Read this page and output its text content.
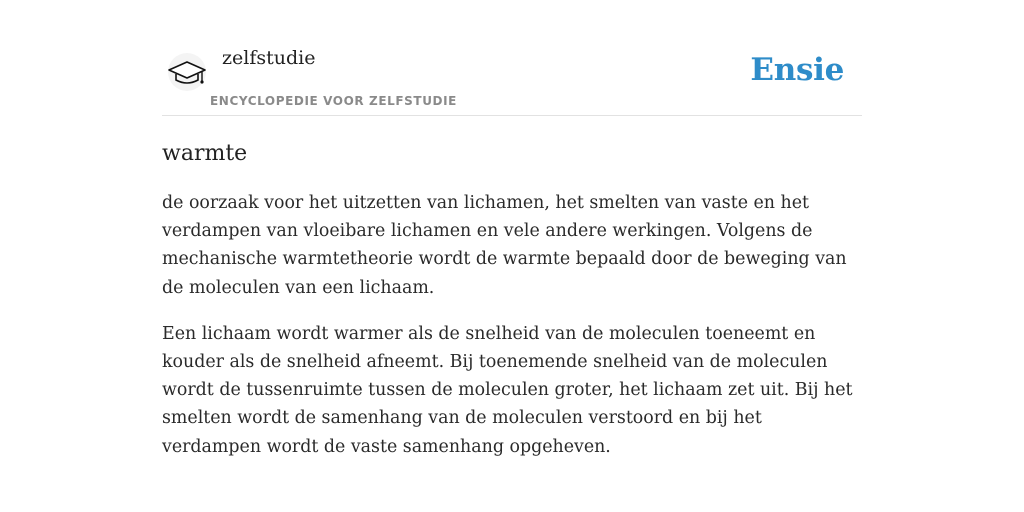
zelfstudie
ENCYCLOPEDIE VOOR ZELFSTUDIE
Ensie
warmte

de oorzaak voor het uitzetten van lichamen, het smelten van vaste en het verdampen van vloeibare lichamen en vele andere werkingen. Volgens de mechanische warmtetheorie wordt de warmte bepaald door de beweging van de moleculen van een lichaam.

Een lichaam wordt warmer als de snelheid van de moleculen toeneemt en kouder als de snelheid afneemt. Bij toenemende snelheid van de moleculen wordt de tussenruimte tussen de moleculen groter, het lichaam zet uit. Bij het smelten wordt de samenhang van de moleculen verstoord en bij het verdampen wordt de vaste samenhang opgeheven.
